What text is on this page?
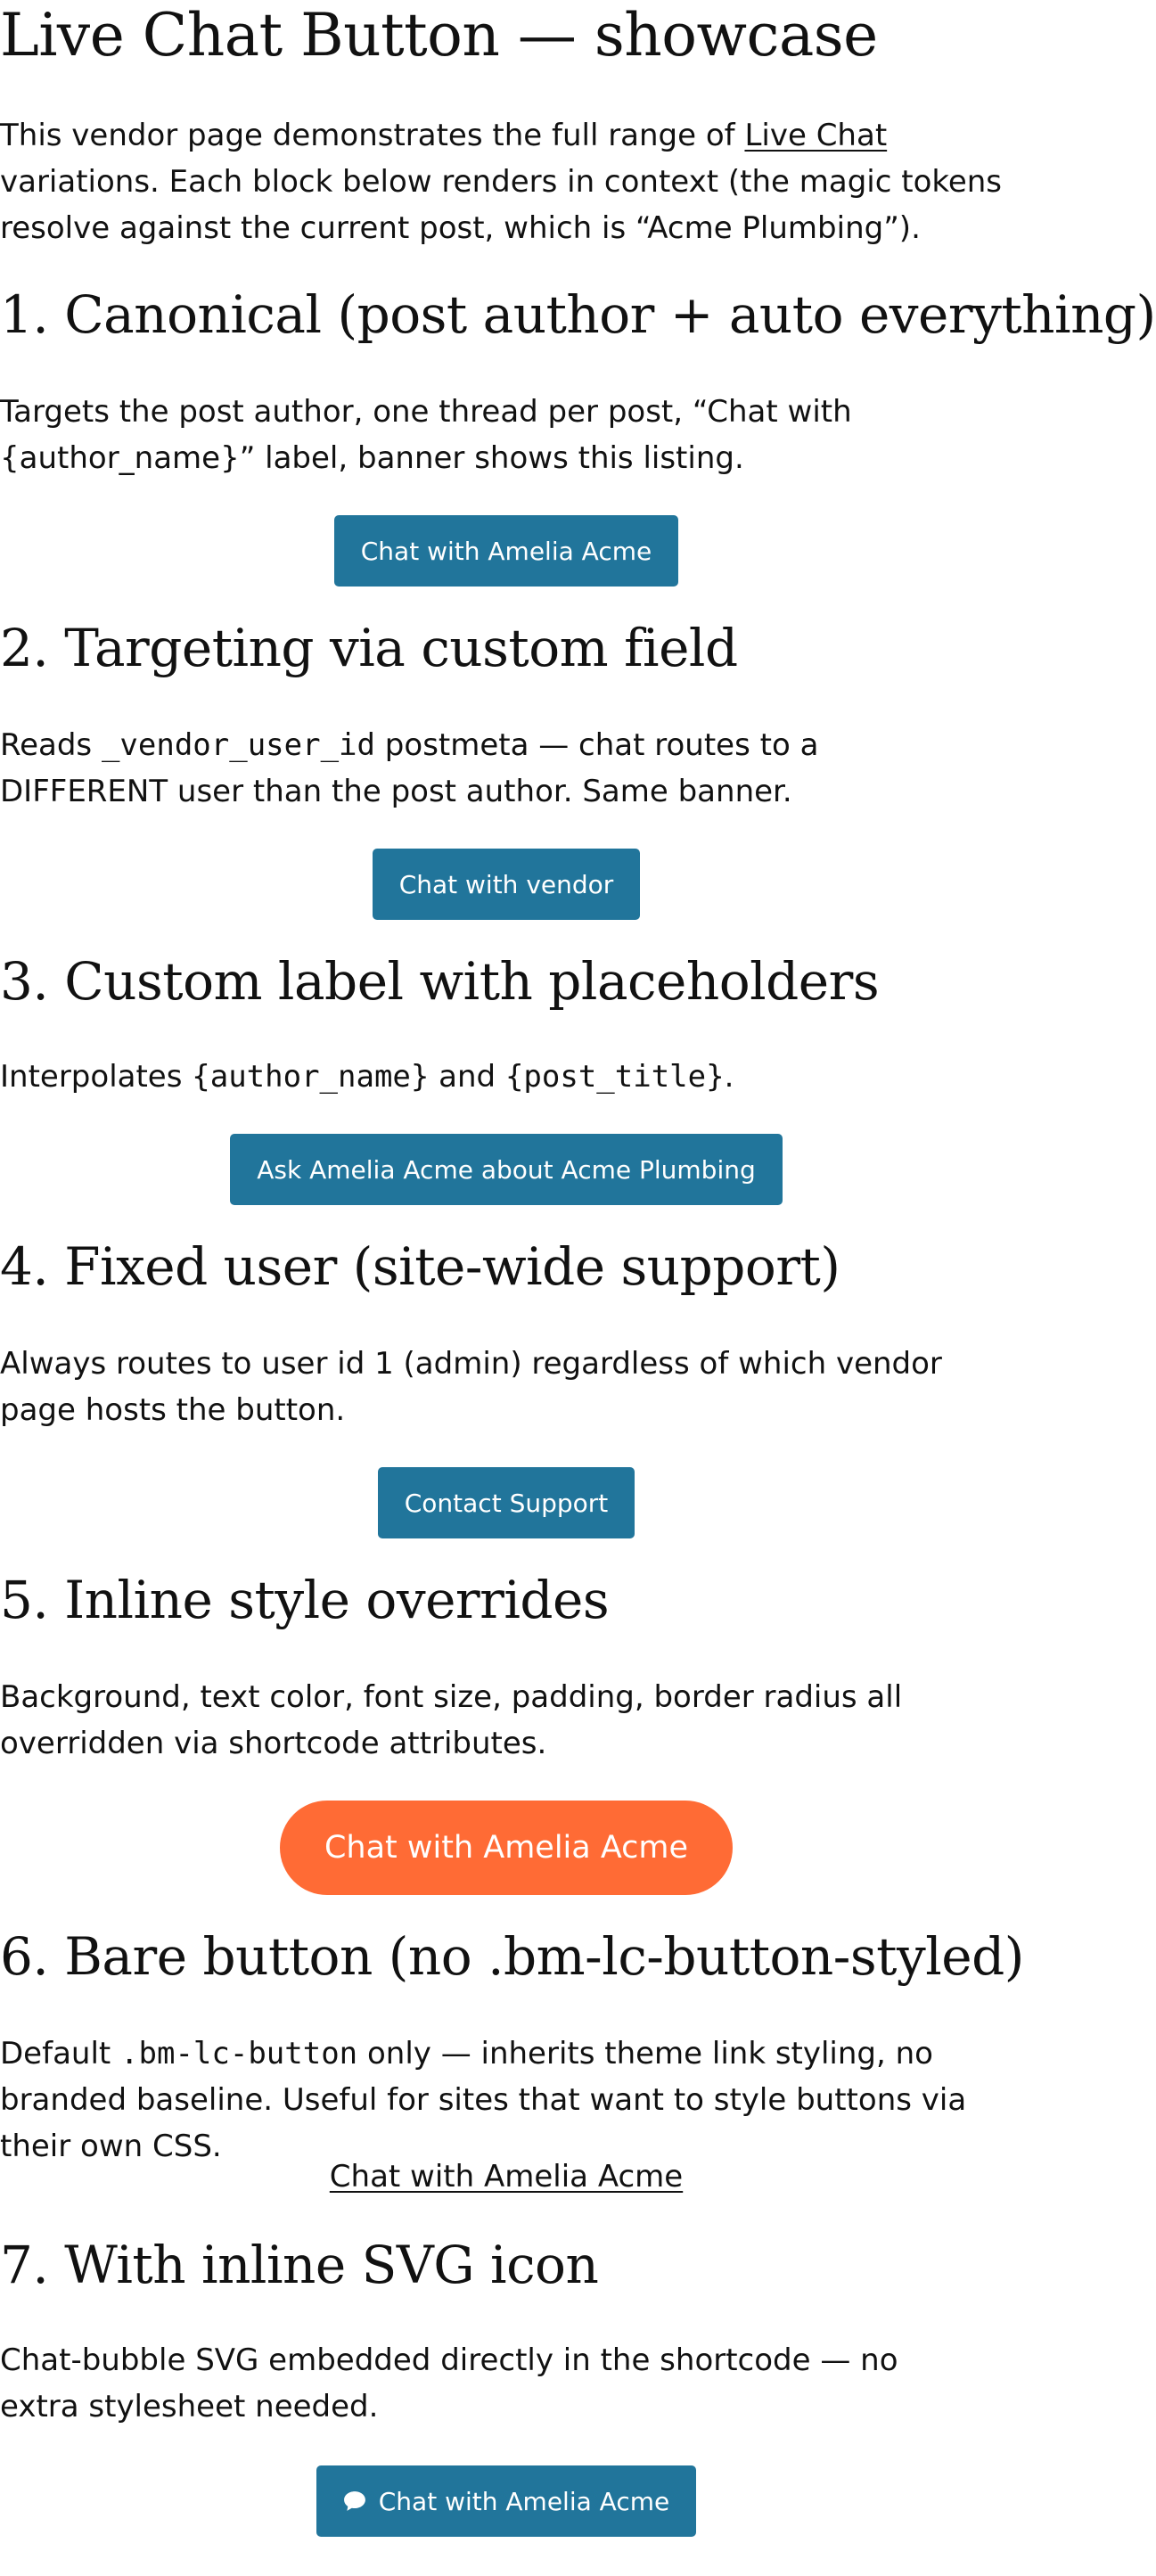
Live Chat Button — showcase

This vendor page demonstrates the full range of Live Chat variations. Each block below renders in context (the magic tokens resolve against the current post, which is “Acme Plumbing”).

1. Canonical (post author + auto everything)

Targets the post author, one thread per post, “Chat with {author_name}” label, banner shows this listing.

Chat with Amelia Acme
2. Targeting via custom field

Reads _vendor_user_id postmeta — chat routes to a DIFFERENT user than the post author. Same banner.

Chat with vendor
3. Custom label with placeholders

Interpolates {author_name} and {post_title}.

Ask Amelia Acme about Acme Plumbing
4. Fixed user (site-wide support)

Always routes to user id 1 (admin) regardless of which vendor page hosts the button.

Contact Support
5. Inline style overrides

Background, text color, font size, padding, border radius all overridden via shortcode attributes.

Chat with Amelia Acme
6. Bare button (no .bm-lc-button-styled)

Default .bm-lc-button only — inherits theme link styling, no branded baseline. Useful for sites that want to style buttons via their own CSS.

Chat with Amelia Acme
7. With inline SVG icon

Chat-bubble SVG embedded directly in the shortcode — no extra stylesheet needed.

Chat with Amelia Acme
